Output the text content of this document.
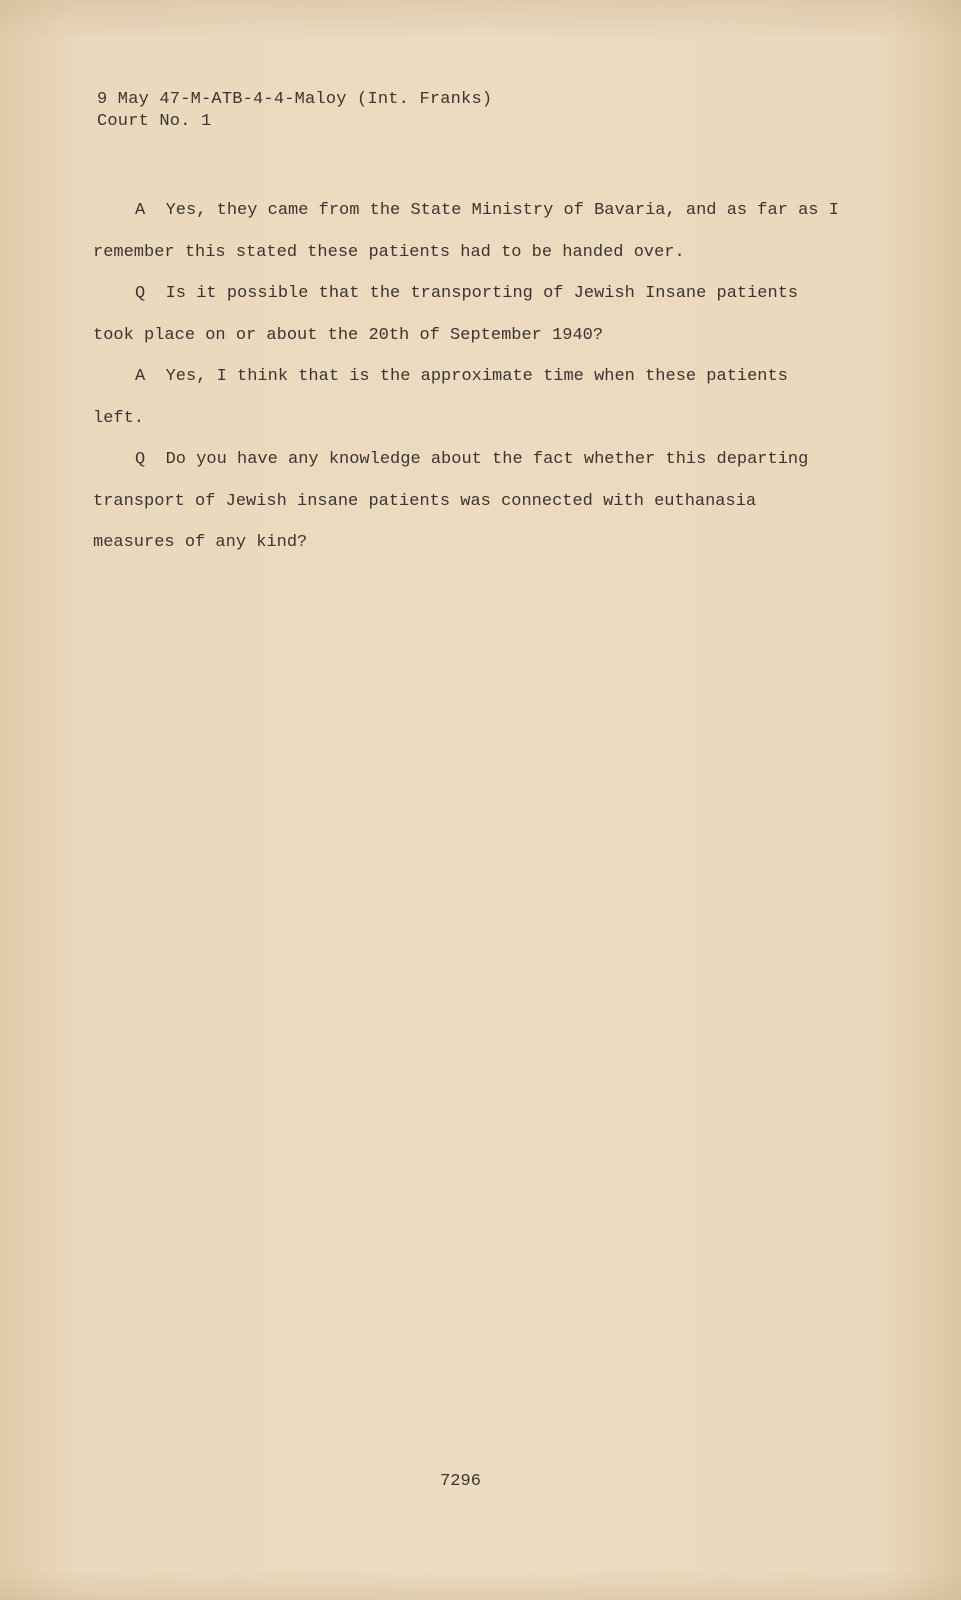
9 May 47-M-ATB-4-4-Maloy (Int. Franks)
Court No. 1
A  Yes, they came from the State Ministry of Bavaria, and as far as I
remember this stated these patients had to be handed over.
Q  Is it possible that the transporting of Jewish Insane patients
took place on or about the 20th of September 1940?
A  Yes, I think that is the approximate time when these patients
left.
Q  Do you have any knowledge about the fact whether this departing
transport of Jewish insane patients was connected with euthanasia
measures of any kind?
7296
